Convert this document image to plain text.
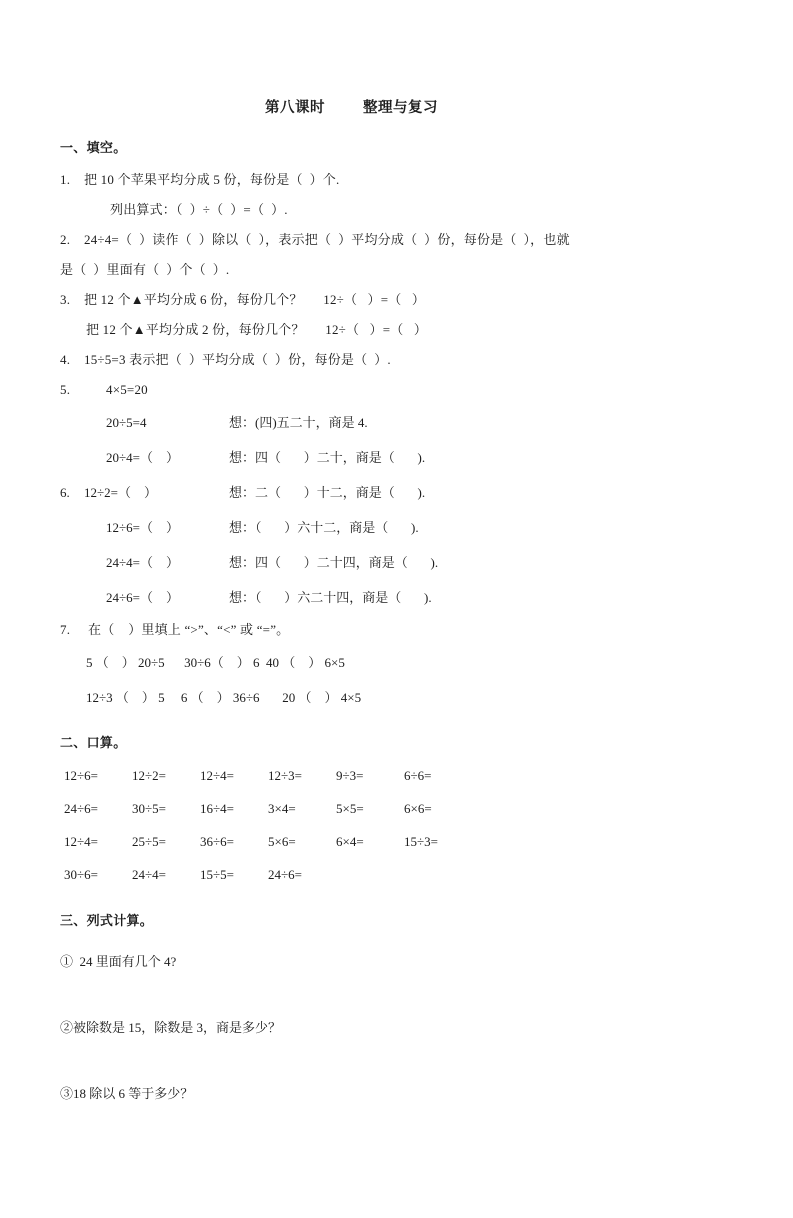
第八课时	整理与复习
一、填空。
1. 把 10 个苹果平均分成 5 份，每份是（  ）个.
列出算式：（  ）÷（  ）=（  ）.
2. 24÷4=（  ）读作（  ）除以（  ），表示把（  ）平均分成（  ）份，每份是（  ），也就
是（  ）里面有（  ）个（  ）.
3. 把 12 个▲平均分成 6 份，每份几个？      12÷（   ）=（   ）
把 12 个▲平均分成 2 份，每份几个？      12÷（   ）=（   ）
4. 15÷5=3 表示把（  ）平均分成（  ）份，每份是（  ）.
5.	4×5=20
20÷5=4	想：(四)五二十，商是 4.
20÷4=（    ）	想：四（       ）二十，商是（       ).
6.	12÷2=（    ）	想：二（       ）十二，商是（       ).
12÷6=（    ）	想：（       ）六十二，商是（       ).
24÷4=（    ）	想：四（       ）二十四，商是（       ).
24÷6=（    ）	想：（       ）六二十四，商是（       ).
7. 在（    ）里填上 “>”、“<” 或 “=”。
5 （    ） 20÷5      30÷6（    ） 6  40 （    ） 6×5
12÷3 （    ） 5     6 （    ） 36÷6       20 （    ） 4×5
二、口算。
12÷6=	12÷2=	12÷4=	12÷3=	9÷3=	6÷6=
24÷6=	30÷5=	16÷4=	3×4=	5×5=	6×6=
12÷4=	25÷5=	36÷6=	5×6=	6×4=	15÷3=
30÷6=	24÷4=	15÷5=	24÷6=
三、列式计算。
①  24 里面有几个 4?
②被除数是 15，除数是 3，商是多少？
③18 除以 6 等于多少？
